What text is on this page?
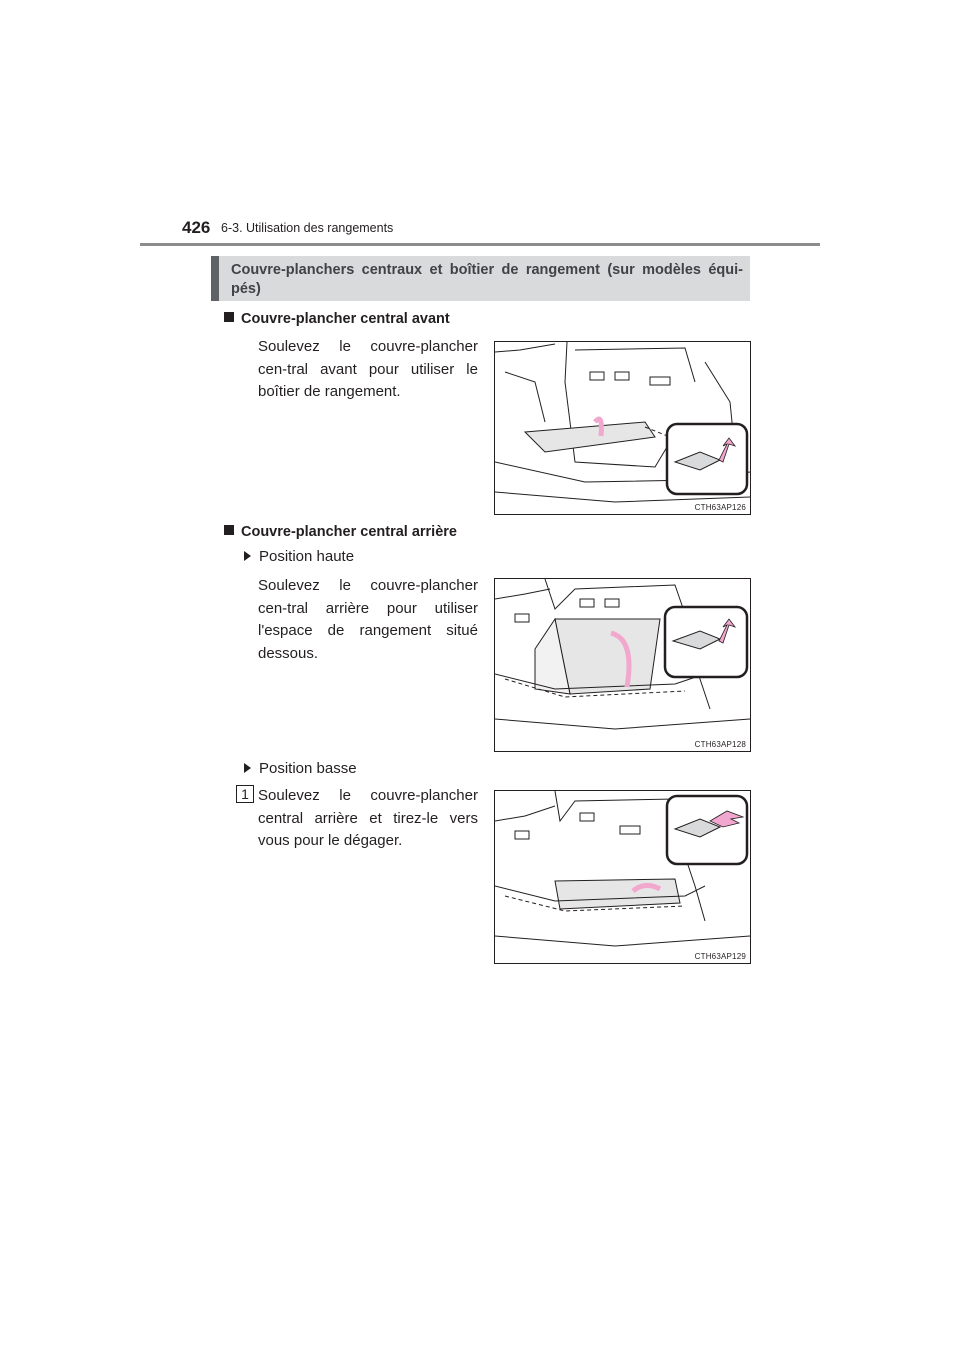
426 6-3. Utilisation des rangements
Couvre-planchers centraux et boîtier de rangement (sur modèles équi-pés)
Couvre-plancher central avant
Soulevez le couvre-plancher cen-tral avant pour utiliser le boîtier de rangement.
CTH63AP126
Couvre-plancher central arrière
Position haute
Soulevez le couvre-plancher cen-tral arrière pour utiliser l'espace de rangement situé dessous.
CTH63AP128
Position basse
Soulevez le couvre-plancher central arrière et tirez-le vers vous pour le dégager.
1
CTH63AP129
